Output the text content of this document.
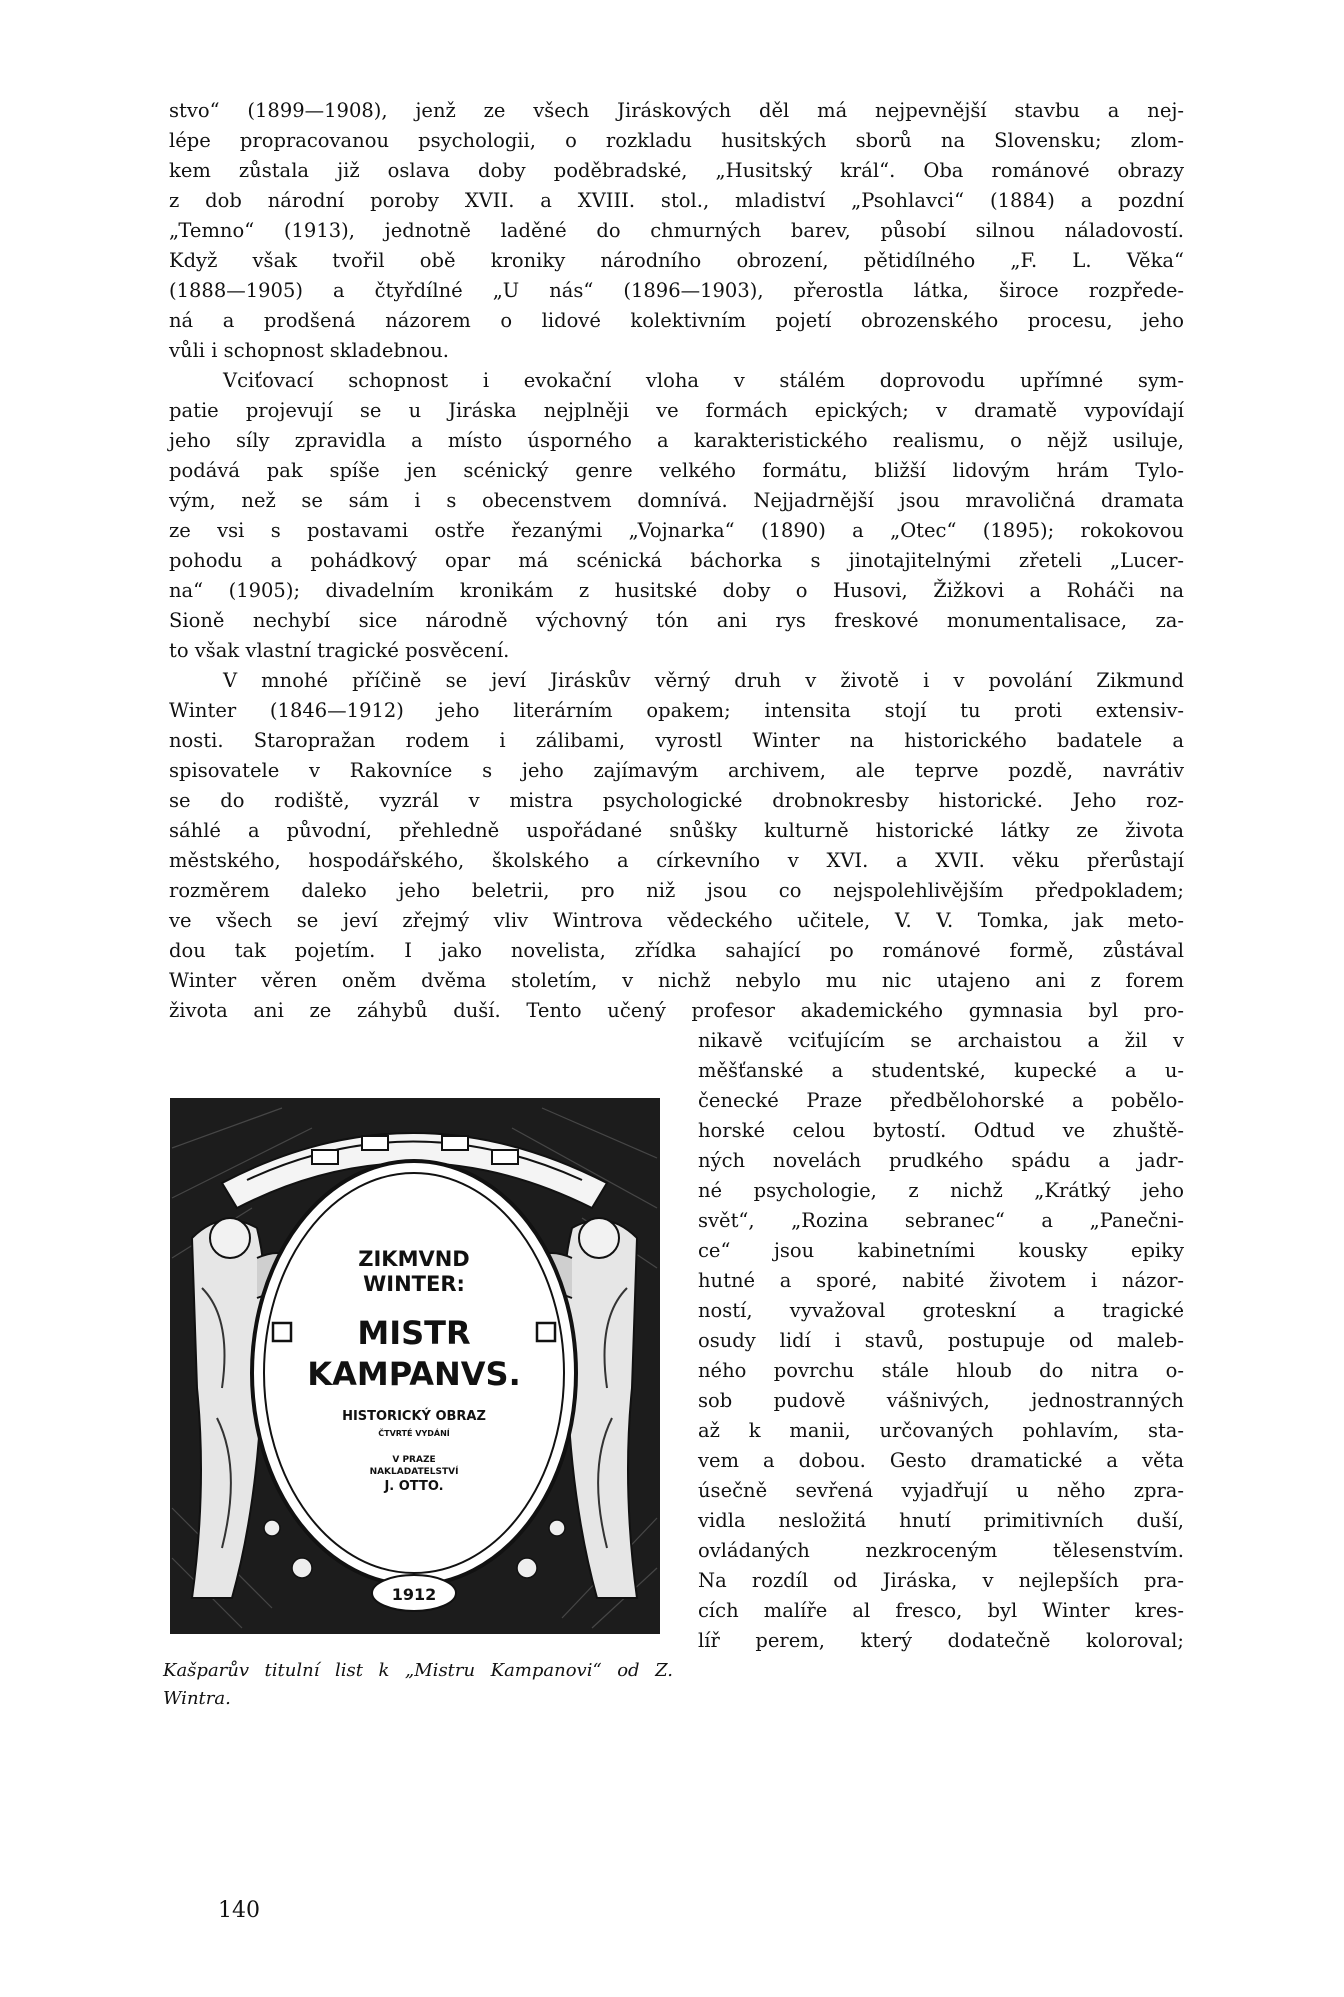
stvo“ (1899—1908), jenž ze všech Jiráskových děl má nejpevnější stavbu a nej-
lépe propracovanou psychologii, o rozkladu husitských sborů na Slovensku; zlom-
kem zůstala již oslava doby poděbradské, „Husitský král“. Oba románové obrazy
z dob národní poroby XVII. a XVIII. stol., mladiství „Psohlavci“ (1884) a pozdní
„Temno“ (1913), jednotně laděné do chmurných barev, působí silnou náladovostí.
Když však tvořil obě kroniky národního obrození, pětidílného „F. L. Věka“
(1888—1905) a čtyřdílné „U nás“ (1896—1903), přerostla látka, široce rozpřede-
ná a prodšená názorem o lidové kolektivním pojetí obrozenského procesu, jeho
vůli i schopnost skladebnou.
Vciťovací schopnost i evokační vloha v stálém doprovodu upřímné sym-
patie projevují se u Jiráska nejplněji ve formách epických; v dramatě vypovídají
jeho síly zpravidla a místo úsporného a karakteristického realismu, o nějž usiluje,
podává pak spíše jen scénický genre velkého formátu, bližší lidovým hrám Tylo-
vým, než se sám i s obecenstvem domnívá. Nejjadrnější jsou mravoličná dramata
ze vsi s postavami ostře řezanými „Vojnarka“ (1890) a „Otec“ (1895); rokokovou
pohodu a pohádkový opar má scénická báchorka s jinotajitelnými zřeteli „Lucer-
na“ (1905); divadelním kronikám z husitské doby o Husovi, Žižkovi a Roháči na
Sioně nechybí sice národně výchovný tón ani rys freskové monumentalisace, za-
to však vlastní tragické posvěcení.
V mnohé příčině se jeví Jiráskův věrný druh v životě i v povolání Zikmund
Winter (1846—1912) jeho literárním opakem; intensita stojí tu proti extensiv-
nosti. Staropražan rodem i zálibami, vyrostl Winter na historického badatele a
spisovatele v Rakovníce s jeho zajímavým archivem, ale teprve pozdě, navrátiv
se do rodiště, vyzrál v mistra psychologické drobnokresby historické. Jeho roz-
sáhlé a původní, přehledně uspořádané snůšky kulturně historické látky ze života
městského, hospodářského, školského a církevního v XVI. a XVII. věku přerůstají
rozměrem daleko jeho beletrii, pro niž jsou co nejspolehlivějším předpokladem;
ve všech se jeví zřejmý vliv Wintrova vědeckého učitele, V. V. Tomka, jak meto-
dou tak pojetím. I jako novelista, zřídka sahající po románové formě, zůstával
Winter věren oněm dvěma stoletím, v nichž nebylo mu nic utajeno ani z forem
života ani ze záhybů duší. Tento učený profesor akademického gymnasia byl pro-
nikavě vciťujícím se archaistou a žil v
měšťanské a studentské, kupecké a u-
čenecké Praze předbělohorské a pobělo-
horské celou bytostí. Odtud ve zhuště-
ných novelách prudkého spádu a jadr-
né psychologie, z nichž „Krátký jeho
svět“, „Rozina sebranec“ a „Panečni-
ce“ jsou kabinetními kousky epiky
hutné a sporé, nabité životem i názor-
ností, vyvažoval groteskní a tragické
osudy lidí i stavů, postupuje od maleb-
ného povrchu stále hloub do nitra o-
sob pudově vášnivých, jednostranných
až k manii, určovaných pohlavím, sta-
vem a dobou. Gesto dramatické a věta
úsečně sevřená vyjadřují u něho zpra-
vidla nesložitá hnutí primitivních duší,
ovládaných nezkroceným tělesenstvím.
Na rozdíl od Jiráska, v nejlepších pra-
cích malíře al fresco, byl Winter kres-
líř perem, který dodatečně koloroval;
ZIKMVND
WINTER:
MISTR
KAMPANVS.
HISTORICKÝ OBRAZ
ČTVRTÉ VYDÁNÍ
V PRAZE
NAKLADATELSTVÍ
J. OTTO.
1912
Kašparův titulní list k „Mistru Kampanovi“ od Z. Wintra.
140
